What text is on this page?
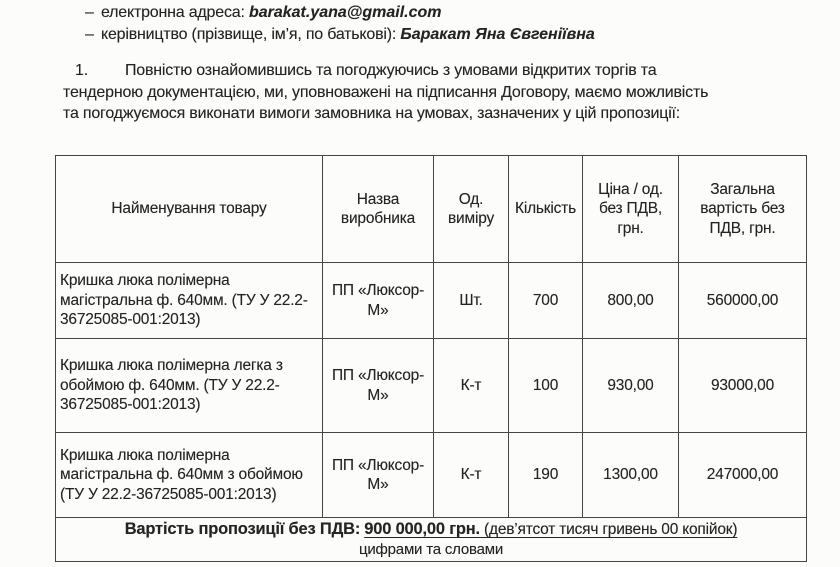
– електронна адреса: barakat.yana@gmail.com
– керівництво (прізвище, ім’я, по батькові): Баракат Яна Євгеніївна
1. Повністю ознайомившись та погоджуючись з умовами відкритих торгів та тендерною документацією, ми, уповноважені на підписання Договору, маємо можливість та погоджуємося виконати вимоги замовника на умовах, зазначених у цій пропозиції:
Найменування товару	Назва виробника	Од. виміру	Кількість	Ціна / од. без ПДВ, грн.	Загальна вартість без ПДВ, грн.
Кришка люка полімерна магістральна ф. 640мм. (ТУ У 22.2-36725085-001:2013)	ПП «Люксор-М»	Шт.	700	800,00	560000,00
Кришка люка полімерна легка з обоймою ф. 640мм. (ТУ У 22.2-36725085-001:2013)	ПП «Люксор-М»	К-т	100	930,00	93000,00
Кришка люка полімерна магістральна ф. 640мм з обоймою (ТУ У 22.2-36725085-001:2013)	ПП «Люксор-М»	К-т	190	1300,00	247000,00

Вартість пропозиції без ПДВ: 900 000,00 грн. (дев’ятсот тисяч гривень 00 копійок)
цифрами та словами					
